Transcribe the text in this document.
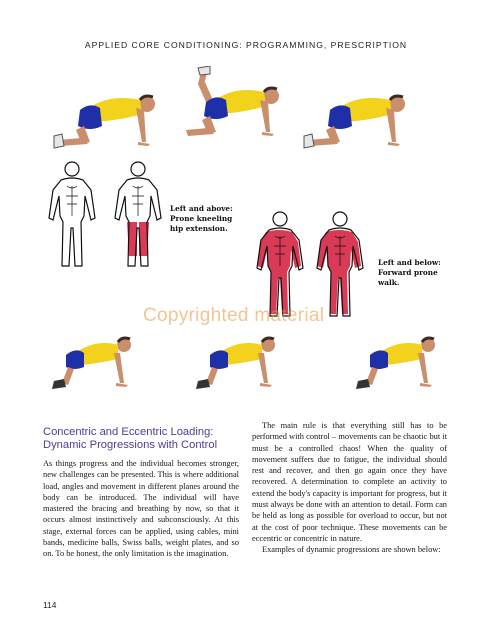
APPLIED CORE CONDITIONING: PROGRAMMING, PRESCRIPTION
Left and above:
Prone kneeling
hip extension.
Left and below:
Forward prone
walk.
Copyrighted material
Concentric and Eccentric Loading:
Dynamic Progressions with Control

As things progress and the individual becomes stronger, new challenges can be presented. This is where additional load, angles and movement in different planes around the body can be introduced. The individual will have mastered the bracing and breathing by now, so that it occurs almost instinctively and subconsciously. At this stage, external forces can be applied, using cables, mini bands, medicine balls, Swiss balls, weight plates, and so on. To be honest, the only limitation is the imagination.

The main rule is that everything still has to be performed with control – movements can be chaotic but it must be a controlled chaos! When the quality of movement suffers due to fatigue, the individual should rest and recover, and then go again once they have recovered. A determination to complete an activity to extend the body's capacity is important for progress, but it must always be done with an attention to detail. Form can be held as long as possible for overload to occur, but not at the cost of poor technique. These movements can be eccentric or concentric in nature.

Examples of dynamic progressions are shown below:

114
